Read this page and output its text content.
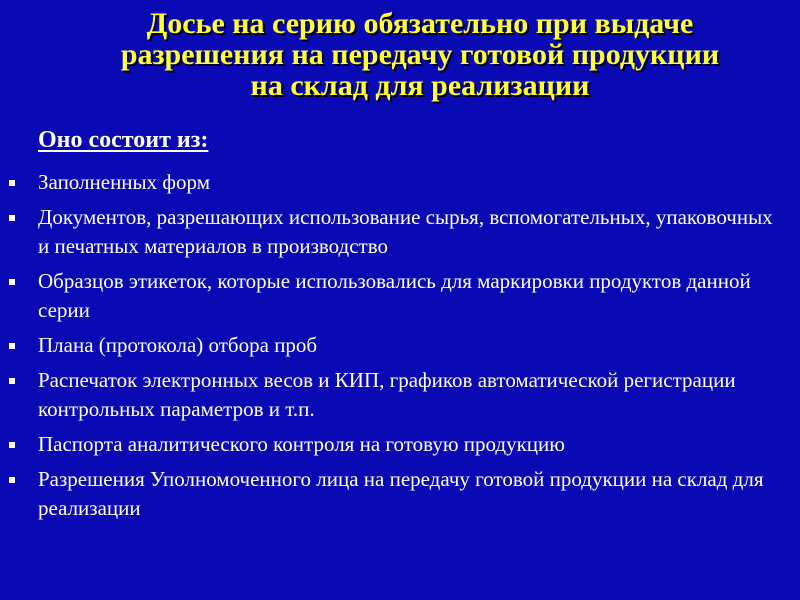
Досье на серию обязательно при выдаче
разрешения на передачу готовой продукции
на склад для реализации

Оно состоит из:

Заполненных форм
Документов, разрешающих использование сырья, вспомогательных, упаковочных и печатных материалов в производство
Образцов этикеток, которые использовались для маркировки продуктов данной серии
Плана (протокола) отбора проб
Распечаток электронных весов и КИП, графиков автоматической регистрации контрольных параметров и т.п.
Паспорта аналитического контроля на готовую продукцию
Разрешения Уполномоченного лица на передачу готовой продукции на склад для реализации
